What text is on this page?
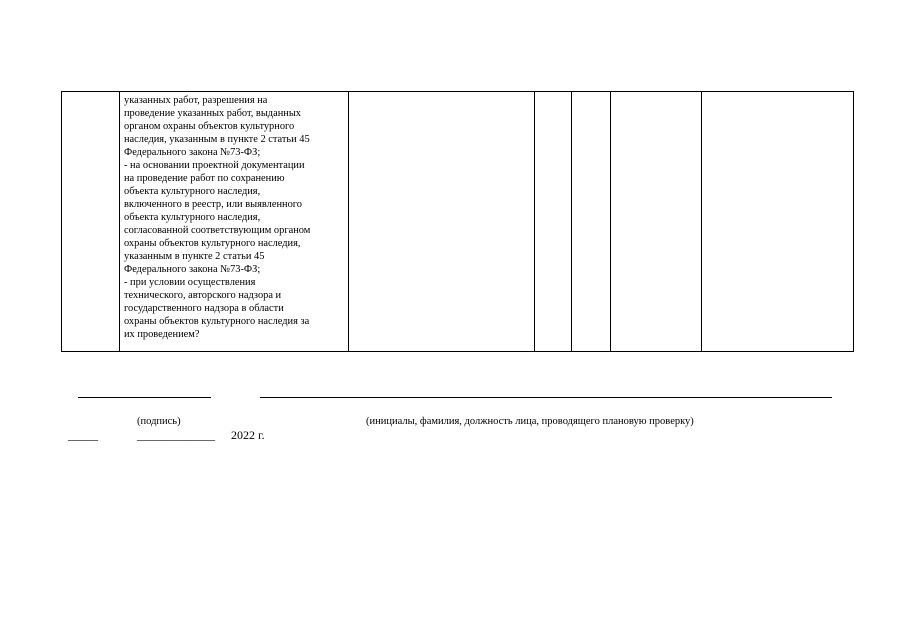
указанных работ, разрешения на
проведение указанных работ, выданных
органом охраны объектов культурного
наследия, указанным в пункте 2 статьи 45
Федерального закона №73-ФЗ;
- на основании проектной документации
на проведение работ по сохранению
объекта культурного наследия,
включенного в реестр, или выявленного
объекта культурного наследия,
согласованной соответствующим органом
охраны объектов культурного наследия,
указанным в пункте 2 статьи 45
Федерального закона №73-ФЗ;
- при условии осуществления
технического, авторского надзора и
государственного надзора в области
охраны объектов культурного наследия за
их проведением?

(подпись)	(инициалы, фамилия, должность лица, проводящего плановую проверку)
_____	_____________ 2022 г.
